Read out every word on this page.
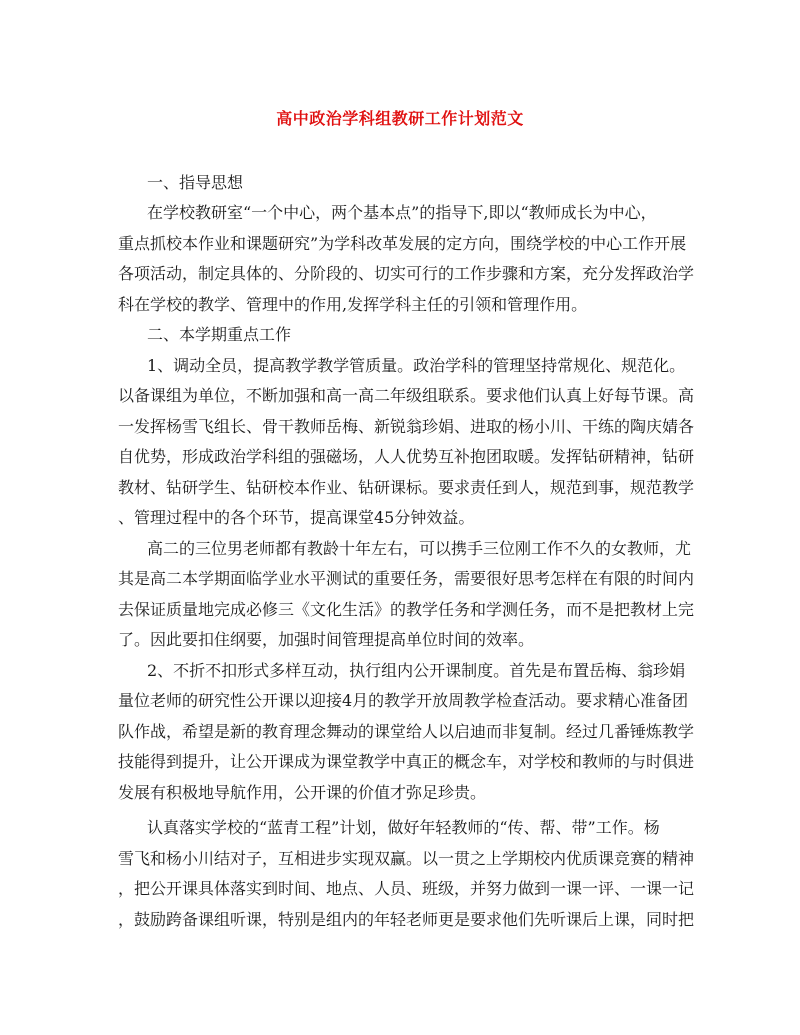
高中政治学科组教研工作计划范文
一、指导思想
在学校教研室“一个中心，两个基本点”的指导下,即以“教师成长为中心，
重点抓校本作业和课题研究”为学科改革发展的定方向，围绕学校的中心工作开展
各项活动，制定具体的、分阶段的、切实可行的工作步骤和方案，充分发挥政治学
科在学校的教学、管理中的作用,发挥学科主任的引领和管理作用。
二、本学期重点工作
1、调动全员，提高教学教学管质量。政治学科的管理坚持常规化、规范化。
以备课组为单位，不断加强和高一高二年级组联系。要求他们认真上好每节课。高
一发挥杨雪飞组长、骨干教师岳梅、新锐翁珍娟、进取的杨小川、干练的陶庆婧各
自优势，形成政治学科组的强磁场，人人优势互补抱团取暖。发挥钻研精神，钻研
教材、钻研学生、钻研校本作业、钻研课标。要求责任到人，规范到事，规范教学
、管理过程中的各个环节，提高课堂45分钟效益。
高二的三位男老师都有教龄十年左右，可以携手三位刚工作不久的女教师，尤
其是高二本学期面临学业水平测试的重要任务，需要很好思考怎样在有限的时间内
去保证质量地完成必修三《文化生活》的教学任务和学测任务，而不是把教材上完
了。因此要扣住纲要，加强时间管理提高单位时间的效率。
2、不折不扣形式多样互动，执行组内公开课制度。首先是布置岳梅、翁珍娟
量位老师的研究性公开课以迎接4月的教学开放周教学检查活动。要求精心准备团
队作战，希望是新的教育理念舞动的课堂给人以启迪而非复制。经过几番锤炼教学
技能得到提升，让公开课成为课堂教学中真正的概念车，对学校和教师的与时俱进
发展有积极地导航作用，公开课的价值才弥足珍贵。
认真落实学校的“蓝青工程”计划，做好年轻教师的“传、帮、带”工作。杨
雪飞和杨小川结对子，互相进步实现双赢。以一贯之上学期校内优质课竞赛的精神
，把公开课具体落实到时间、地点、人员、班级，并努力做到一课一评、一课一记
，鼓励跨备课组听课，特别是组内的年轻老师更是要求他们先听课后上课，同时把
